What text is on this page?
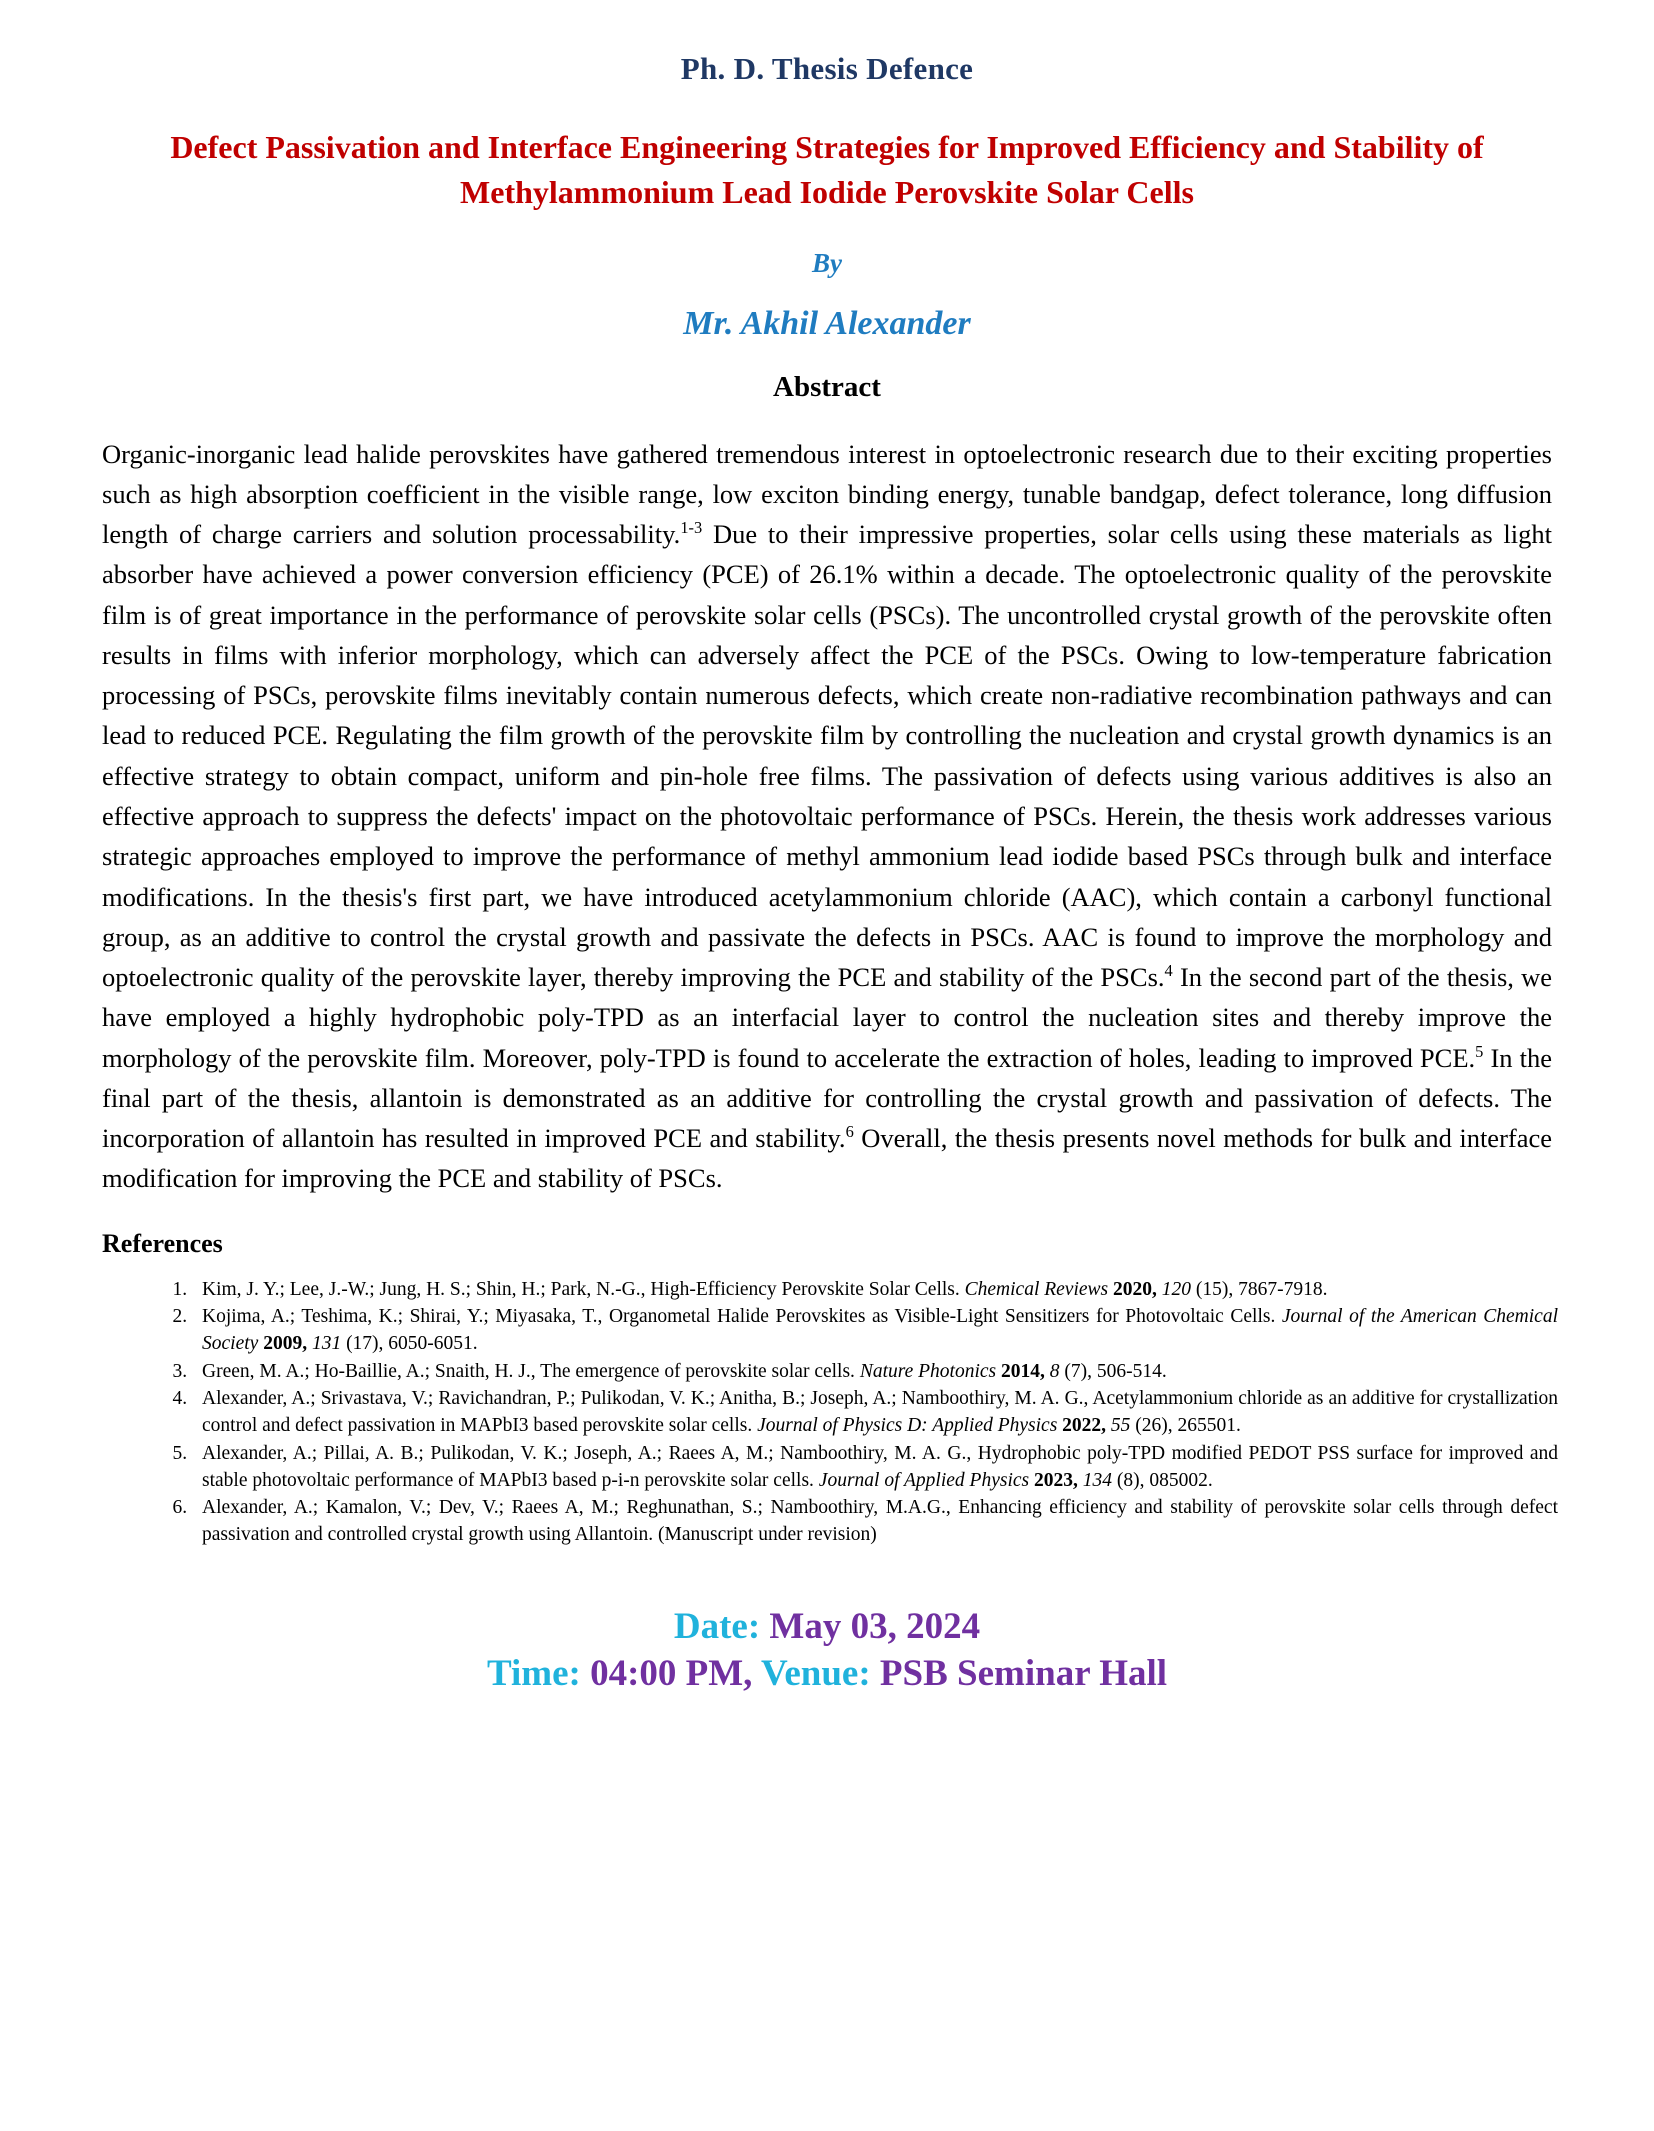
Ph. D. Thesis Defence
Defect Passivation and Interface Engineering Strategies for Improved Efficiency and Stability of Methylammonium Lead Iodide Perovskite Solar Cells
By
Mr. Akhil Alexander
Abstract

Organic-inorganic lead halide perovskites have gathered tremendous interest in optoelectronic research due to their exciting properties such as high absorption coefficient in the visible range, low exciton binding energy, tunable bandgap, defect tolerance, long diffusion length of charge carriers and solution processability.$^{1-3}$ Due to their impressive properties, solar cells using these materials as light absorber have achieved a power conversion efficiency (PCE) of 26.1% within a decade. The optoelectronic quality of the perovskite film is of great importance in the performance of perovskite solar cells (PSCs). The uncontrolled crystal growth of the perovskite often results in films with inferior morphology, which can adversely affect the PCE of the PSCs. Owing to low-temperature fabrication processing of PSCs, perovskite films inevitably contain numerous defects, which create non-radiative recombination pathways and can lead to reduced PCE. Regulating the film growth of the perovskite film by controlling the nucleation and crystal growth dynamics is an effective strategy to obtain compact, uniform and pin-hole free films. The passivation of defects using various additives is also an effective approach to suppress the defects' impact on the photovoltaic performance of PSCs. Herein, the thesis work addresses various strategic approaches employed to improve the performance of methyl ammonium lead iodide based PSCs through bulk and interface modifications. In the thesis's first part, we have introduced acetylammonium chloride (AAC), which contain a carbonyl functional group, as an additive to control the crystal growth and passivate the defects in PSCs. AAC is found to improve the morphology and optoelectronic quality of the perovskite layer, thereby improving the PCE and stability of the PSCs.$^4$ In the second part of the thesis, we have employed a highly hydrophobic poly-TPD as an interfacial layer to control the nucleation sites and thereby improve the morphology of the perovskite film. Moreover, poly-TPD is found to accelerate the extraction of holes, leading to improved PCE.$^5$ In the final part of the thesis, allantoin is demonstrated as an additive for controlling the crystal growth and passivation of defects. The incorporation of allantoin has resulted in improved PCE and stability.$^6$ Overall, the thesis presents novel methods for bulk and interface modification for improving the PCE and stability of PSCs.

References
1. Kim, J. Y.; Lee, J.-W.; Jung, H. S.; Shin, H.; Park, N.-G., High-Efficiency Perovskite Solar Cells. Chemical Reviews 2020, 120 (15), 7867-7918.
2. Kojima, A.; Teshima, K.; Shirai, Y.; Miyasaka, T., Organometal Halide Perovskites as Visible-Light Sensitizers for Photovoltaic Cells. Journal of the American Chemical Society 2009, 131 (17), 6050-6051.
3. Green, M. A.; Ho-Baillie, A.; Snaith, H. J., The emergence of perovskite solar cells. Nature Photonics 2014, 8 (7), 506-514.
4. Alexander, A.; Srivastava, V.; Ravichandran, P.; Pulikodan, V. K.; Anitha, B.; Joseph, A.; Namboothiry, M. A. G., Acetylammonium chloride as an additive for crystallization control and defect passivation in MAPbI3 based perovskite solar cells. Journal of Physics D: Applied Physics 2022, 55 (26), 265501.
5. Alexander, A.; Pillai, A. B.; Pulikodan, V. K.; Joseph, A.; Raees A, M.; Namboothiry, M. A. G., Hydrophobic poly-TPD modified PEDOT PSS surface for improved and stable photovoltaic performance of MAPbI3 based p-i-n perovskite solar cells. Journal of Applied Physics 2023, 134 (8), 085002.
6. Alexander, A.; Kamalon, V.; Dev, V.; Raees A, M.; Reghunathan, S.; Namboothiry, M.A.G., Enhancing efficiency and stability of perovskite solar cells through defect passivation and controlled crystal growth using Allantoin. (Manuscript under revision)
Date: May 03, 2024
Time: 04:00 PM, Venue: PSB Seminar Hall
